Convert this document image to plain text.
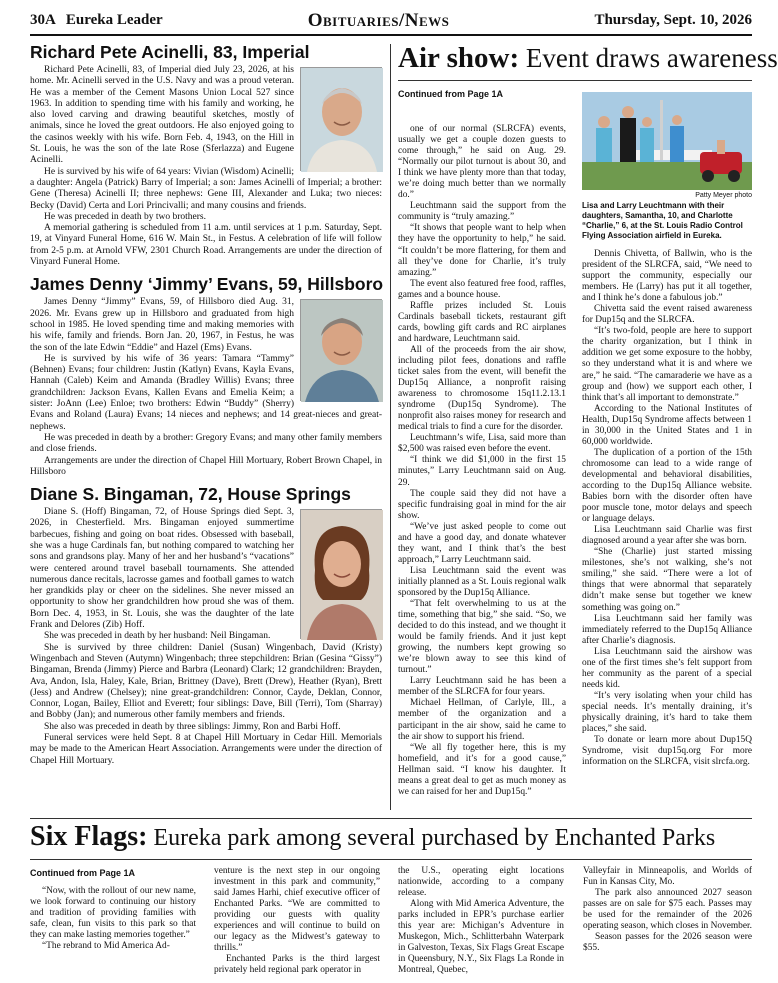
30A Eureka Leader	Obituaries/News	Thursday, Sept. 10, 2026
Richard Pete Acinelli, 83, Imperial

Richard Pete Acinelli, 83, of Imperial died July 23, 2026, at his home. Mr. Acinelli served in the U.S. Navy and was a proud veteran. He was a member of the Cement Masons Union Local 527 since 1963. In addition to spending time with his family and working, he also loved carving and drawing beautiful sketches, mostly of animals, since he loved the great outdoors. He also enjoyed going to the casinos weekly with his wife. Born Feb. 4, 1943, on the Hill in St. Louis, he was the son of the late Rose (Sferlazza) and Eugene Acinelli.

He is survived by his wife of 64 years: Vivian (Wisdom) Acinelli; a daughter: Angela (Patrick) Barry of Imperial; a son: James Acinelli of Imperial; a brother: Gene (Theresa) Acinelli II; three nephews: Gene III, Alexander and Luka; two nieces: Becky (David) Certa and Lori Princivalli; and many cousins and friends.

He was preceded in death by two brothers.

A memorial gathering is scheduled from 11 a.m. until services at 1 p.m. Saturday, Sept. 19, at Vinyard Funeral Home, 616 W. Main St., in Festus. A celebration of life will follow from 2-5 p.m. at Arnold VFW, 2301 Church Road. Arrangements are under the direction of Vinyard Funeral Home.

James Denny ‘Jimmy’ Evans, 59, Hillsboro

James Denny “Jimmy” Evans, 59, of Hillsboro died Aug. 31, 2026. Mr. Evans grew up in Hillsboro and graduated from high school in 1985. He loved spending time and making memories with his wife, family and friends. Born Jan. 20, 1967, in Festus, he was the son of the late Edwin “Eddie” and Hazel (Ems) Evans.

He is survived by his wife of 36 years: Tamara “Tammy” (Behnen) Evans; four children: Justin (Katlyn) Evans, Kayla Evans, Hannah (Caleb) Keim and Amanda (Bradley Willis) Evans; three grandchildren: Jackson Evans, Kallen Evans and Emelia Keim; a sister: JoAnn (Lee) Enloe; two brothers: Edwin “Buddy” (Sherry) Evans and Roland (Laura) Evans; 14 nieces and nephews; and 14 great-nieces and great-nephews.

He was preceded in death by a brother: Gregory Evans; and many other family members and close friends.

Arrangements are under the direction of Chapel Hill Mortuary, Robert Brown Chapel, in Hillsboro

Diane S. Bingaman, 72, House Springs

Diane S. (Hoff) Bingaman, 72, of House Springs died Sept. 3, 2026, in Chesterfield. Mrs. Bingaman enjoyed summertime barbecues, fishing and going on boat rides. Obsessed with baseball, she was a huge Cardinals fan, but nothing compared to watching her sons and grandsons play. Many of her and her husband’s “vacations” were centered around travel baseball tournaments. She attended numerous dance recitals, lacrosse games and football games to watch her grandkids play or cheer on the sidelines. She never missed an opportunity to show her grandchildren how proud she was of them. Born Dec. 4, 1953, in St. Louis, she was the daughter of the late Frank and Delores (Zib) Hoff.

She was preceded in death by her husband: Neil Bingaman.

She is survived by three children: Daniel (Susan) Wingenbach, David (Kristy) Wingenbach and Steven (Autymn) Wingenbach; three stepchildren: Brian (Gesina “Gissy”) Bingaman, Brenda (Jimmy) Pierce and Barbra (Leonard) Clark; 12 grandchildren: Brayden, Ava, Andon, Isla, Haley, Kale, Brian, Brittney (Dave), Brett (Drew), Heather (Ryan), Brett (Jess) and Andrew (Chelsey); nine great-grandchildren: Connor, Cayde, Deklan, Connor, Connor, Logan, Bailey, Elliot and Everett; four siblings: Dave, Bill (Terri), Tom (Sharray) and Bobby (Jan); and numerous other family members and friends.

She also was preceded in death by three siblings: Jimmy, Ron and Barbi Hoff.

Funeral services were held Sept. 8 at Chapel Hill Mortuary in Cedar Hill. Memorials may be made to the American Heart Association. Arrangements were under the direction of Chapel Hill Mortuary.

Air show: Event draws awareness
Continued from Page 1A

one of our normal (SLRCFA) events, usually we get a couple dozen guests to come through,” he said on Aug. 29. “Normally our pilot turnout is about 30, and I think we have plenty more than that today, we’re doing much better than we normally do.”

Leuchtmann said the support from the community is “truly amazing.”

“It shows that people want to help when they have the opportunity to help,” he said. “It couldn’t be more flattering, for them and all they’ve done for Charlie, it’s truly amazing.”

The event also featured free food, raffles, games and a bounce house.

Raffle prizes included St. Louis Cardinals baseball tickets, restaurant gift cards, bowling gift cards and RC airplanes and hardware, Leuchtmann said.

All of the proceeds from the air show, including pilot fees, donations and raffle ticket sales from the event, will benefit the Dup15q Alliance, a nonprofit raising awareness to chromosome 15q11.2.13.1 syndrome (Dup15q Syndrome). The nonprofit also raises money for research and medical trials to find a cure for the disorder.

Leuchtmann’s wife, Lisa, said more than $2,500 was raised even before the event.

“I think we did $1,000 in the first 15 minutes,” Larry Leuchtmann said on Aug. 29.

The couple said they did not have a specific fundraising goal in mind for the air show.

“We’ve just asked people to come out and have a good day, and donate whatever they want, and I think that’s the best approach,” Larry Leuchtmann said.

Lisa Leuchtmann said the event was initially planned as a St. Louis regional walk sponsored by the Dup15q Alliance.

“That felt overwhelming to us at the time, something that big,” she said. “So, we decided to do this instead, and we thought it would be family friends. And it just kept growing, the numbers kept growing so we’re blown away to see this kind of turnout.”

Larry Leuchtmann said he has been a member of the SLRCFA for four years.

Michael Hellman, of Carlyle, Ill., a member of the organization and a participant in the air show, said he came to the air show to support his friend.

“We all fly together here, this is my homefield, and it’s for a good cause,” Hellman said. “I know his daughter. It means a great deal to get as much money as we can raised for her and Dup15q.”

Patty Meyer photo
Lisa and Larry Leuchtmann with their daughters, Samantha, 10, and Charlotte “Charlie,” 6, at the St. Louis Radio Control Flying Association airfield in Eureka.

Dennis Chivetta, of Ballwin, who is the president of the SLRCFA, said, “We need to support the community, especially our members. He (Larry) has put it all together, and I think he’s done a fabulous job.”

Chivetta said the event raised awareness for Dup15q and the SLRCFA.

“It’s two-fold, people are here to support the charity organization, but I think in addition we get some exposure to the hobby, so they understand what it is and where we are,” he said. “The camaraderie we have as a group and (how) we support each other, I think that’s all important to demonstrate.”

According to the National Institutes of Health, Dup15q Syndrome affects between 1 in 30,000 in the United States and 1 in 60,000 worldwide.

The duplication of a portion of the 15th chromosome can lead to a wide range of developmental and behavioral disabilities, according to the Dup15q Alliance website. Babies born with the disorder often have poor muscle tone, motor delays and speech or language delays.

Lisa Leuchtmann said Charlie was first diagnosed around a year after she was born.

“She (Charlie) just started missing milestones, she’s not walking, she’s not smiling,” she said. “There were a lot of things that were abnormal that separately didn’t make sense but together we knew something was going on.”

Lisa Leuchtmann said her family was immediately referred to the Dup15q Alliance after Charlie’s diagnosis.

Lisa Leuchtmann said the airshow was one of the first times she’s felt support from her community as the parent of a special needs kid.

“It’s very isolating when your child has special needs. It’s mentally draining, it’s physically draining, it’s hard to take them places,” she said.

To donate or learn more about Dup15Q Syndrome, visit dup15q.org For more information on the SLRCFA, visit slrcfa.org.

Six Flags: Eureka park among several purchased by Enchanted Parks
Continued from Page 1A

“Now, with the rollout of our new name, we look forward to continuing our history and tradition of providing families with safe, clean, fun visits to this park so that they can make lasting memories together.”

“The rebrand to Mid America Ad-

venture is the next step in our ongoing investment in this park and community,” said James Harhi, chief executive officer of Enchanted Parks. “We are committed to providing our guests with quality experiences and will continue to build on our legacy as the Midwest’s gateway to thrills.”

Enchanted Parks is the third largest privately held regional park operator in

the U.S., operating eight locations nationwide, according to a company release.

Along with Mid America Adventure, the parks included in EPR’s purchase earlier this year are: Michigan’s Adventure in Muskegon, Mich., Schlitterbahn Waterpark in Galveston, Texas, Six Flags Great Escape in Queensbury, N.Y., Six Flags La Ronde in Montreal, Quebec,

Valleyfair in Minneapolis, and Worlds of Fun in Kansas City, Mo.

The park also announced 2027 season passes are on sale for $75 each. Passes may be used for the remainder of the 2026 operating season, which closes in November.

Season passes for the 2026 season were $55.
